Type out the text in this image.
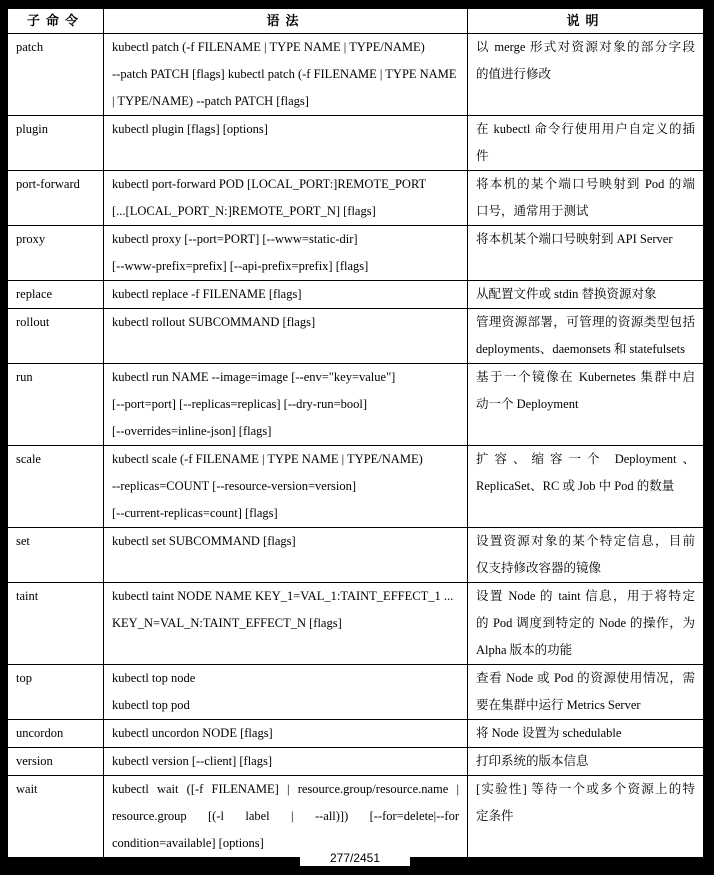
子命令	语法	说明
patch	kubectl patch (-f FILENAME | TYPE NAME | TYPE/NAME)
--patch PATCH [flags] kubectl patch (-f FILENAME | TYPE NAME
| TYPE/NAME) --patch PATCH [flags]	以 merge 形式对资源对象的部分字段
的值进行修改

plugin	kubectl plugin [flags] [options]	在 kubectl 命令行使用用户自定义的插
件

port-forward	kubectl port-forward POD [LOCAL_PORT:]REMOTE_PORT
[...[LOCAL_PORT_N:]REMOTE_PORT_N] [flags]	将本机的某个端口号映射到 Pod 的端
口号，通常用于测试

proxy	kubectl proxy [--port=PORT] [--www=static-dir]
[--www-prefix=prefix] [--api-prefix=prefix] [flags]	将本机某个端口号映射到 API Server

replace	kubectl replace -f FILENAME [flags]	从配置文件或 stdin 替换资源对象

rollout	kubectl rollout SUBCOMMAND [flags]	管理资源部署，可管理的资源类型包括
deployments、daemonsets 和 statefulsets

run	kubectl run NAME --image=image [--env="key=value"]
[--port=port] [--replicas=replicas] [--dry-run=bool]
[--overrides=inline-json] [flags]	基于一个镜像在 Kubernetes 集群中启
动一个 Deployment

scale	kubectl scale (-f FILENAME | TYPE NAME | TYPE/NAME)
--replicas=COUNT [--resource-version=version]
[--current-replicas=count] [flags]	扩容、缩容一个 Deployment、
ReplicaSet、RC 或 Job 中 Pod 的数量

set	kubectl set SUBCOMMAND [flags]	设置资源对象的某个特定信息，目前
仅支持修改容器的镜像

taint	kubectl taint NODE NAME KEY_1=VAL_1:TAINT_EFFECT_1 ...
KEY_N=VAL_N:TAINT_EFFECT_N [flags]	设置 Node 的 taint 信息，用于将特定
的 Pod 调度到特定的 Node 的操作，为
Alpha 版本的功能

top	kubectl top node
kubectl top pod	查看 Node 或 Pod 的资源使用情况，需
要在集群中运行 Metrics Server

uncordon	kubectl uncordon NODE [flags]	将 Node 设置为 schedulable

version	kubectl version [--client] [flags]	打印系统的版本信息

wait	kubectl wait ([-f FILENAME] | resource.group/resource.name |
resource.group [(-l label | --all)]) [--for=delete|--for
condition=available] [options]	[实验性] 等待一个或多个资源上的特
定条件
277/2451
